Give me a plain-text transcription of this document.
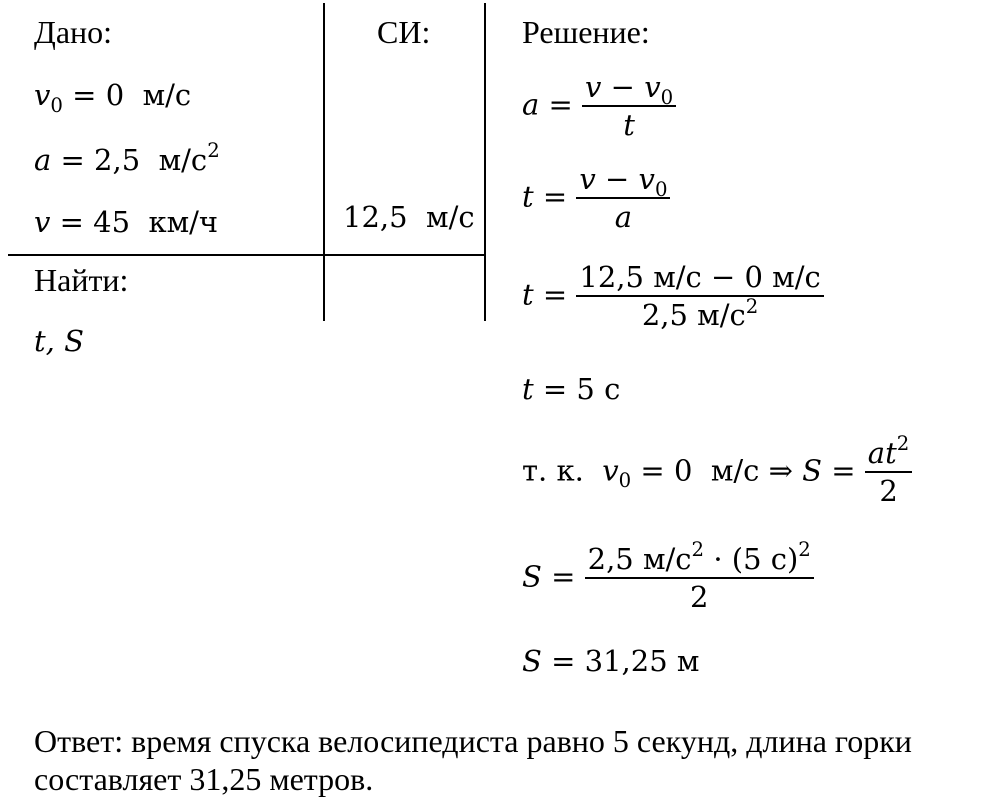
Дано:
$v_0 = 0$ м/с
a = 2,5 $м/с^2$
v = 45 км/ч
Найти:
t, S
СИ:
12,5 м/с
Решение:
$a = \frac{v - v_0}{t}$
$t = \frac{v - v_0}{a}$
$t = \frac{12,5 м/с - 0 м/с}{2,5 м/с^2}$
t = 5 с
т. к. $v_0 = 0$ м/с ⇒ $S = \frac{at^2}{2}$
$S = \frac{2,5 м/с^2 \cdot (5 с)^2}{2}$
S = 31,25 м
Ответ: время спуска велосипедиста равно 5 секунд, длина горки составляет 31,25 метров.
